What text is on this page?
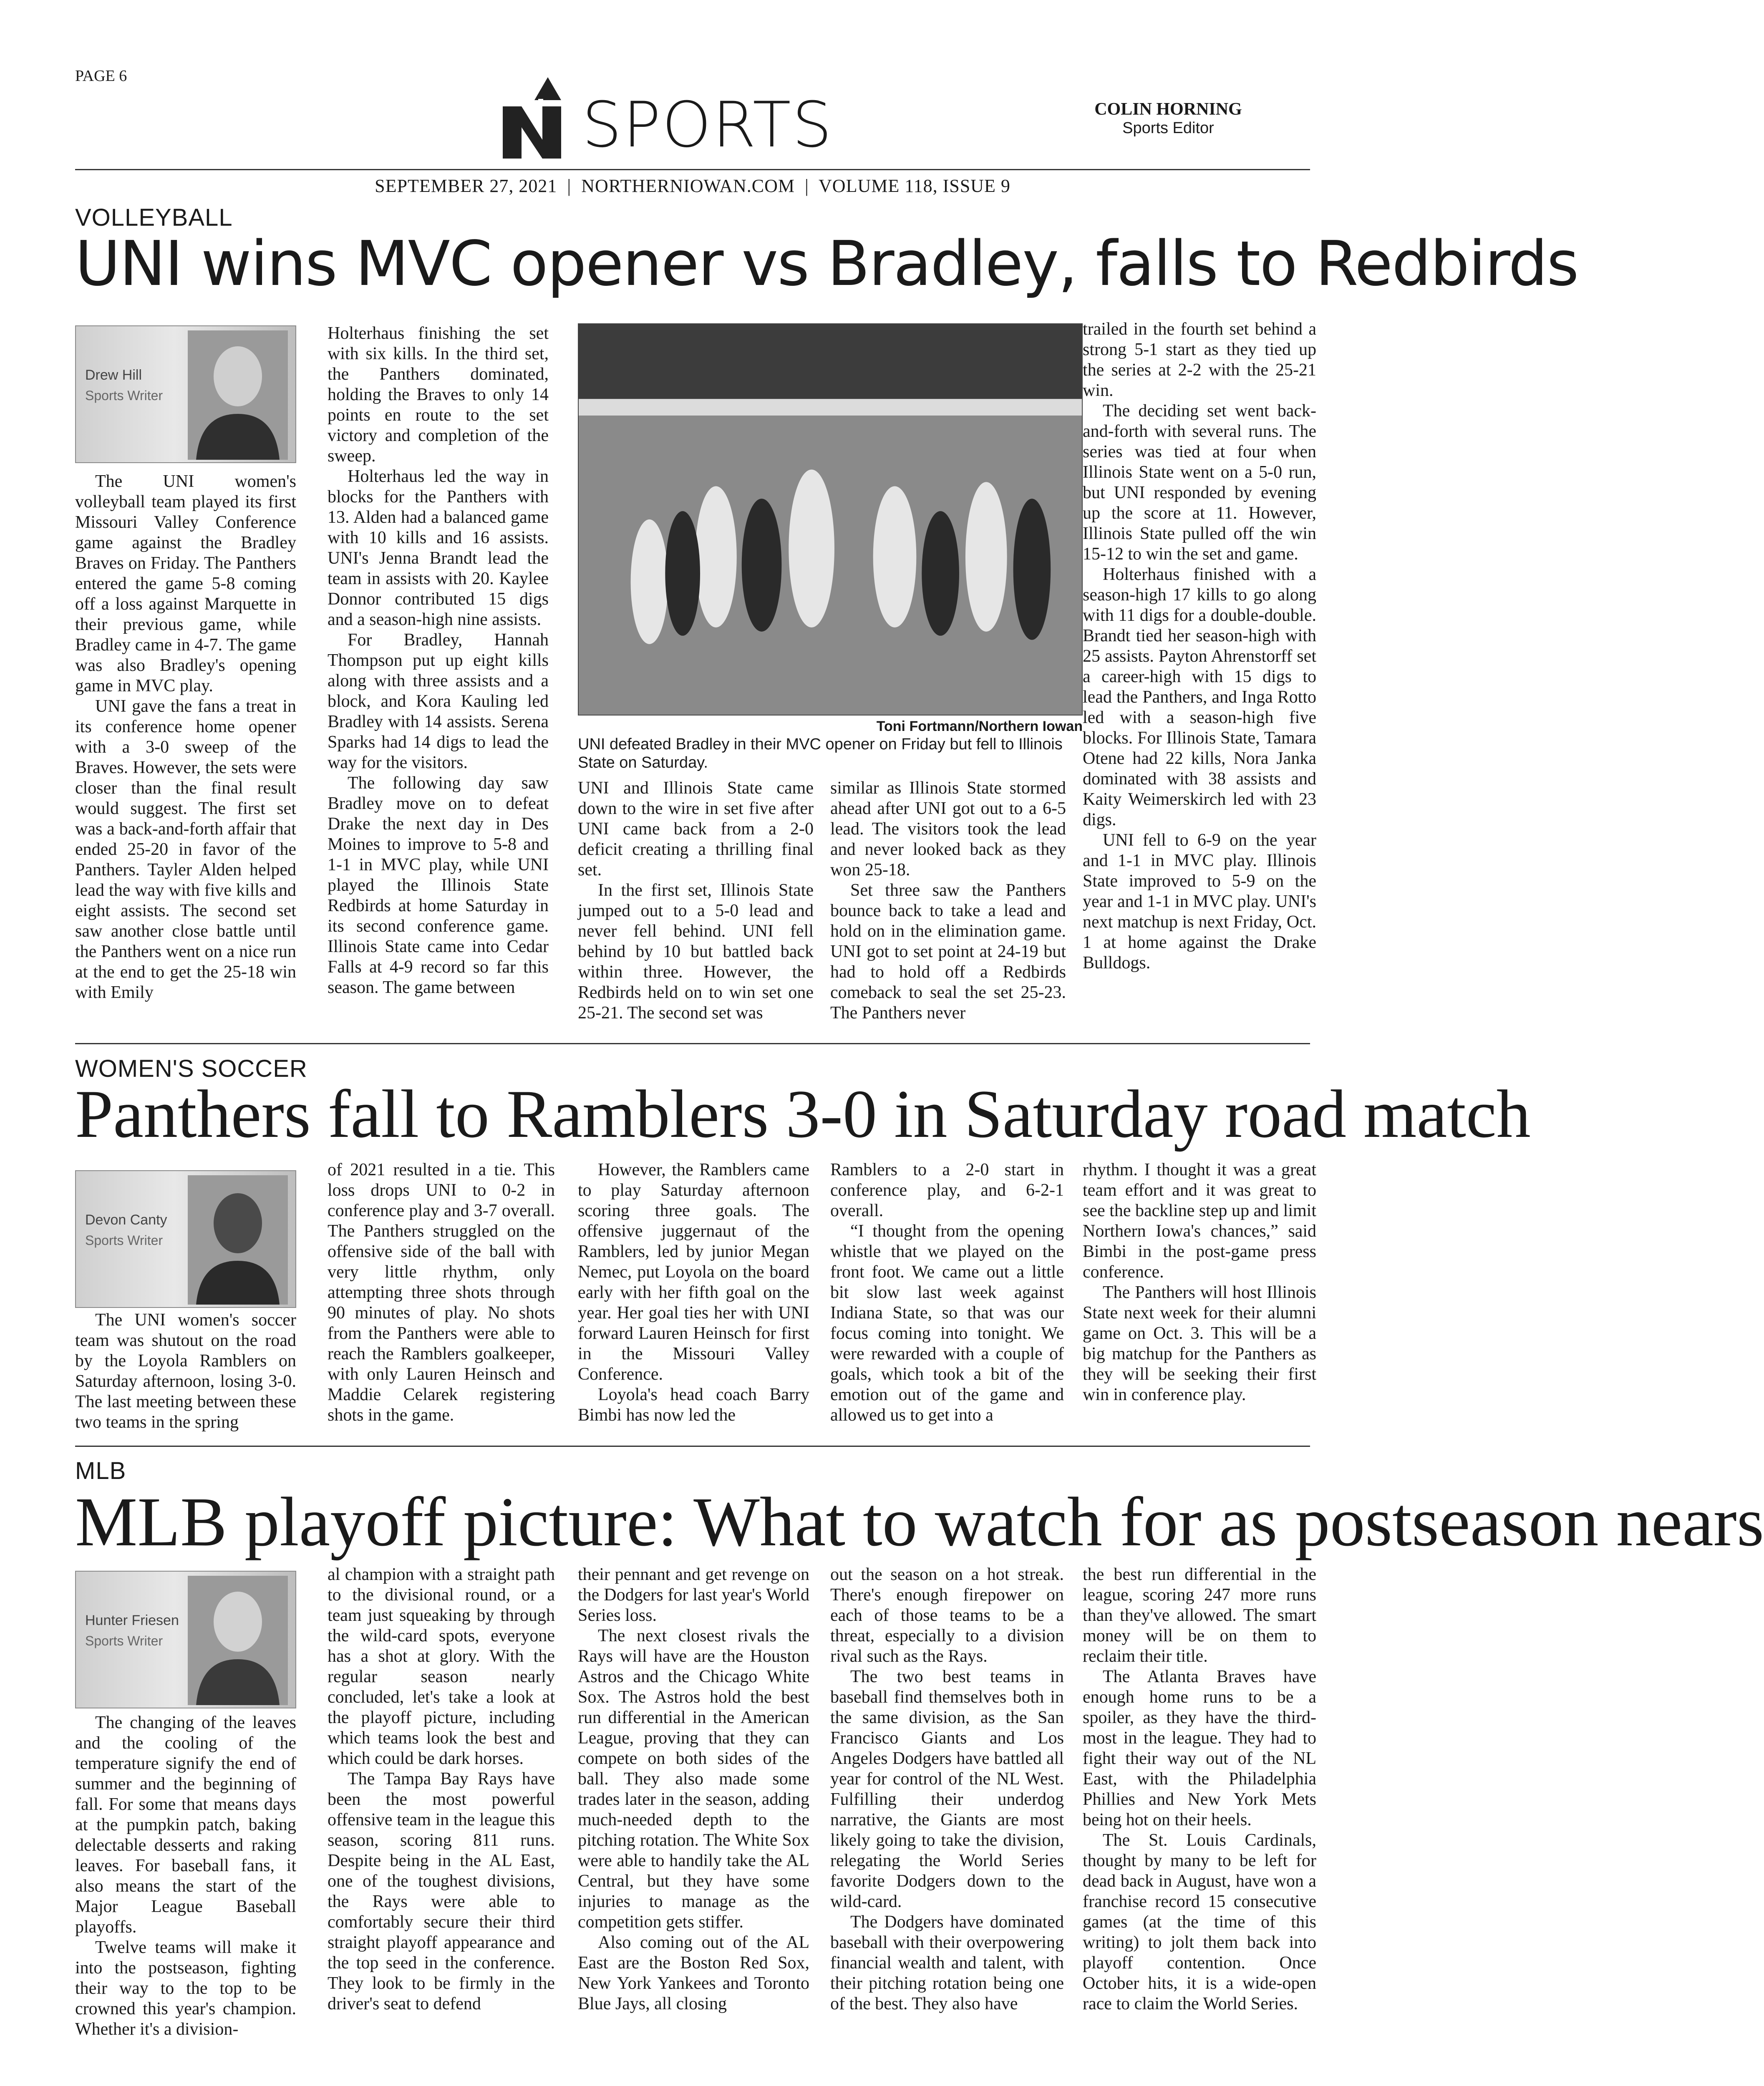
PAGE 6
SPORTS	COLIN HORNING
Sports Editor
SEPTEMBER 27, 2021  |  NORTHERNIOWAN.COM  |  VOLUME 118, ISSUE 9
VOLLEYBALL
UNI wins MVC opener vs Bradley, falls to Redbirds
Drew Hill
Sports Writer

The UNI women's volleyball team played its first Missouri Valley Conference game against the Bradley Braves on Friday. The Panthers entered the game 5-8 coming off a loss against Marquette in their previous game, while Bradley came in 4-7. The game was also Bradley's opening game in MVC play.

UNI gave the fans a treat in its conference home opener with a 3-0 sweep of the Braves. However, the sets were closer than the final result would suggest. The first set was a back-and-forth affair that ended 25-20 in favor of the Panthers. Tayler Alden helped lead the way with five kills and eight assists. The second set saw another close battle until the Panthers went on a nice run at the end to get the 25-18 win with Emily

Holterhaus finishing the set with six kills. In the third set, the Panthers dominated, holding the Braves to only 14 points en route to the set victory and completion of the sweep.

Holterhaus led the way in blocks for the Panthers with 13. Alden had a balanced game with 10 kills and 16 assists. UNI's Jenna Brandt lead the team in assists with 20. Kaylee Donnor contributed 15 digs and a season-high nine assists.

For Bradley, Hannah Thompson put up eight kills along with three assists and a block, and Kora Kauling led Bradley with 14 assists. Serena Sparks had 14 digs to lead the way for the visitors.

The following day saw Bradley move on to defeat Drake the next day in Des Moines to improve to 5-8 and 1-1 in MVC play, while UNI played the Illinois State Redbirds at home Saturday in its second conference game. Illinois State came into Cedar Falls at 4-9 record so far this season. The game between

Toni Fortmann/Northern Iowan
UNI defeated Bradley in their MVC opener on Friday but fell to Illinois State on Saturday.

UNI and Illinois State came down to the wire in set five after UNI came back from a 2-0 deficit creating a thrilling final set.

In the first set, Illinois State jumped out to a 5-0 lead and never fell behind. UNI fell behind by 10 but battled back within three. However, the Redbirds held on to win set one 25-21. The second set was

similar as Illinois State stormed ahead after UNI got out to a 6-5 lead. The visitors took the lead and never looked back as they won 25-18.

Set three saw the Panthers bounce back to take a lead and hold on in the elimination game. UNI got to set point at 24-19 but had to hold off a Redbirds comeback to seal the set 25-23. The Panthers never

trailed in the fourth set behind a strong 5-1 start as they tied up the series at 2-2 with the 25-21 win.

The deciding set went back-and-forth with several runs. The series was tied at four when Illinois State went on a 5-0 run, but UNI responded by evening up the score at 11. However, Illinois State pulled off the win 15-12 to win the set and game.

Holterhaus finished with a season-high 17 kills to go along with 11 digs for a double-double. Brandt tied her season-high with 25 assists. Payton Ahrenstorff set a career-high with 15 digs to lead the Panthers, and Inga Rotto led with a season-high five blocks. For Illinois State, Tamara Otene had 22 kills, Nora Janka dominated with 38 assists and Kaity Weimerskirch led with 23 digs.

UNI fell to 6-9 on the year and 1-1 in MVC play. Illinois State improved to 5-9 on the year and 1-1 in MVC play. UNI's next matchup is next Friday, Oct. 1 at home against the Drake Bulldogs.

WOMEN'S SOCCER
Panthers fall to Ramblers 3-0 in Saturday road match
Devon Canty
Sports Writer

The UNI women's soccer team was shutout on the road by the Loyola Ramblers on Saturday afternoon, losing 3-0. The last meeting between these two teams in the spring

of 2021 resulted in a tie. This loss drops UNI to 0-2 in conference play and 3-7 overall. The Panthers struggled on the offensive side of the ball with very little rhythm, only attempting three shots through 90 minutes of play. No shots from the Panthers were able to reach the Ramblers goalkeeper, with only Lauren Heinsch and Maddie Celarek registering shots in the game.

However, the Ramblers came to play Saturday afternoon scoring three goals. The offensive juggernaut of the Ramblers, led by junior Megan Nemec, put Loyola on the board early with her fifth goal on the year. Her goal ties her with UNI forward Lauren Heinsch for first in the Missouri Valley Conference.

Loyola's head coach Barry Bimbi has now led the

Ramblers to a 2-0 start in conference play, and 6-2-1 overall.

“I thought from the opening whistle that we played on the front foot. We came out a little bit slow last week against Indiana State, so that was our focus coming into tonight. We were rewarded with a couple of goals, which took a bit of the emotion out of the game and allowed us to get into a

rhythm. I thought it was a great team effort and it was great to see the backline step up and limit Northern Iowa's chances,” said Bimbi in the post-game press conference.

The Panthers will host Illinois State next week for their alumni game on Oct. 3. This will be a big matchup for the Panthers as they will be seeking their first win in conference play.

MLB
MLB playoff picture: What to watch for as postseason nears
Hunter Friesen
Sports Writer

The changing of the leaves and the cooling of the temperature signify the end of summer and the beginning of fall. For some that means days at the pumpkin patch, baking delectable desserts and raking leaves. For baseball fans, it also means the start of the Major League Baseball playoffs.

Twelve teams will make it into the postseason, fighting their way to the top to be crowned this year's champion. Whether it's a division-

al champion with a straight path to the divisional round, or a team just squeaking by through the wild-card spots, everyone has a shot at glory. With the regular season nearly concluded, let's take a look at the playoff picture, including which teams look the best and which could be dark horses.

The Tampa Bay Rays have been the most powerful offensive team in the league this season, scoring 811 runs. Despite being in the AL East, one of the toughest divisions, the Rays were able to comfortably secure their third straight playoff appearance and the top seed in the conference. They look to be firmly in the driver's seat to defend

their pennant and get revenge on the Dodgers for last year's World Series loss.

The next closest rivals the Rays will have are the Houston Astros and the Chicago White Sox. The Astros hold the best run differential in the American League, proving that they can compete on both sides of the ball. They also made some trades later in the season, adding much-needed depth to the pitching rotation. The White Sox were able to handily take the AL Central, but they have some injuries to manage as the competition gets stiffer.

Also coming out of the AL East are the Boston Red Sox, New York Yankees and Toronto Blue Jays, all closing

out the season on a hot streak. There's enough firepower on each of those teams to be a threat, especially to a division rival such as the Rays.

The two best teams in baseball find themselves both in the same division, as the San Francisco Giants and Los Angeles Dodgers have battled all year for control of the NL West. Fulfilling their underdog narrative, the Giants are most likely going to take the division, relegating the World Series favorite Dodgers down to the wild-card.

The Dodgers have dominated baseball with their overpowering financial wealth and talent, with their pitching rotation being one of the best. They also have

the best run differential in the league, scoring 247 more runs than they've allowed. The smart money will be on them to reclaim their title.

The Atlanta Braves have enough home runs to be a spoiler, as they have the third-most in the league. They had to fight their way out of the NL East, with the Philadelphia Phillies and New York Mets being hot on their heels.

The St. Louis Cardinals, thought by many to be left for dead back in August, have won a franchise record 15 consecutive games (at the time of this writing) to jolt them back into playoff contention. Once October hits, it is a wide-open race to claim the World Series.
